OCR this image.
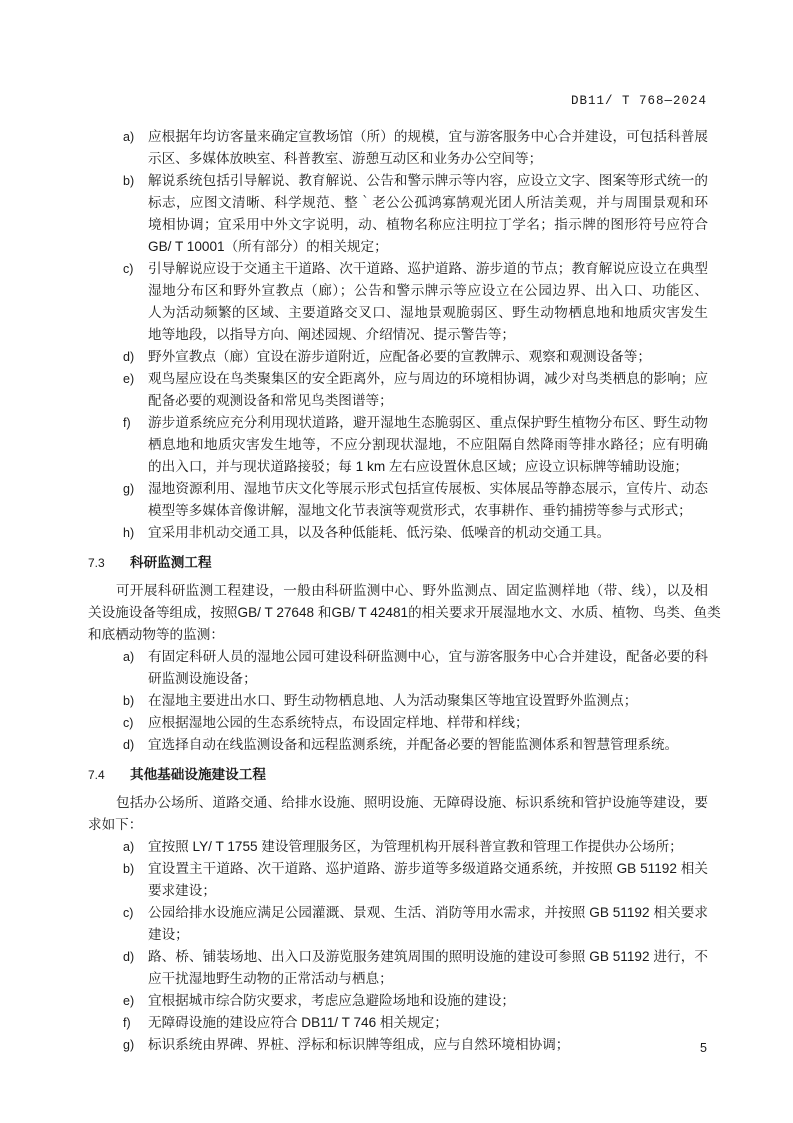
DB11/ T 768—2024
a) 应根据年均访客量来确定宣教场馆（所）的规模，宜与游客服务中心合并建设，可包括科普展
示区、多媒体放映室、科普教室、游憩互动区和业务办公空间等；
b) 解说系统包括引导解说、教育解说、公告和警示牌示等内容，应设立文字、图案等形式统一的
标志，应图文清晰、科学规范、整｀老公公孤鸿寡鹄观光团人所洁美观，并与周围景观和环
境相协调；宜采用中外文字说明，动、植物名称应注明拉丁学名；指示牌的图形符号应符合
GB/ T 10001（所有部分）的相关规定；
c) 引导解说应设于交通主干道路、次干道路、巡护道路、游步道的节点；教育解说应设立在典型
湿地分布区和野外宣教点（廊）；公告和警示牌示等应设立在公园边界、出入口、功能区、
人为活动频繁的区域、主要道路交叉口、湿地景观脆弱区、野生动物栖息地和地质灾害发生
地等地段，以指导方向、阐述园规、介绍情况、提示警告等；
d) 野外宣教点（廊）宜设在游步道附近，应配备必要的宣教牌示、观察和观测设备等；
e) 观鸟屋应设在鸟类聚集区的安全距离外，应与周边的环境相协调，减少对鸟类栖息的影响；应
配备必要的观测设备和常见鸟类图谱等；
f) 游步道系统应充分利用现状道路，避开湿地生态脆弱区、重点保护野生植物分布区、野生动物
栖息地和地质灾害发生地等，不应分割现状湿地，不应阻隔自然降雨等排水路径；应有明确
的出入口，并与现状道路接驳；每 1 km 左右应设置休息区域；应设立识标牌等辅助设施；
g) 湿地资源利用、湿地节庆文化等展示形式包括宣传展板、实体展品等静态展示，宣传片、动态
模型等多媒体音像讲解，湿地文化节表演等观赏形式，农事耕作、垂钓捕捞等参与式形式；
h) 宜采用非机动交通工具，以及各种低能耗、低污染、低噪音的机动交通工具。
7.3 科研监测工程
可开展科研监测工程建设，一般由科研监测中心、野外监测点、固定监测样地（带、线），以及相
关设施设备等组成，按照GB/ T 27648 和GB/ T 42481的相关要求开展湿地水文、水质、植物、鸟类、鱼类
和底栖动物等的监测：
a) 有固定科研人员的湿地公园可建设科研监测中心，宜与游客服务中心合并建设，配备必要的科
研监测设施设备；
b) 在湿地主要进出水口、野生动物栖息地、人为活动聚集区等地宜设置野外监测点；
c) 应根据湿地公园的生态系统特点，布设固定样地、样带和样线；
d) 宜选择自动在线监测设备和远程监测系统，并配备必要的智能监测体系和智慧管理系统。
7.4 其他基础设施建设工程
包括办公场所、道路交通、给排水设施、照明设施、无障碍设施、标识系统和管护设施等建设，要
求如下：
a) 宜按照 LY/ T 1755 建设管理服务区，为管理机构开展科普宣教和管理工作提供办公场所；
b) 宜设置主干道路、次干道路、巡护道路、游步道等多级道路交通系统，并按照 GB 51192 相关
要求建设；
c) 公园给排水设施应满足公园灌溉、景观、生活、消防等用水需求，并按照 GB 51192 相关要求
建设；
d) 路、桥、铺装场地、出入口及游览服务建筑周围的照明设施的建设可参照 GB 51192 进行，不
应干扰湿地野生动物的正常活动与栖息；
e) 宜根据城市综合防灾要求，考虑应急避险场地和设施的建设；
f) 无障碍设施的建设应符合 DB11/ T 746 相关规定；
g) 标识系统由界碑、界桩、浮标和标识牌等组成，应与自然环境相协调；	5
